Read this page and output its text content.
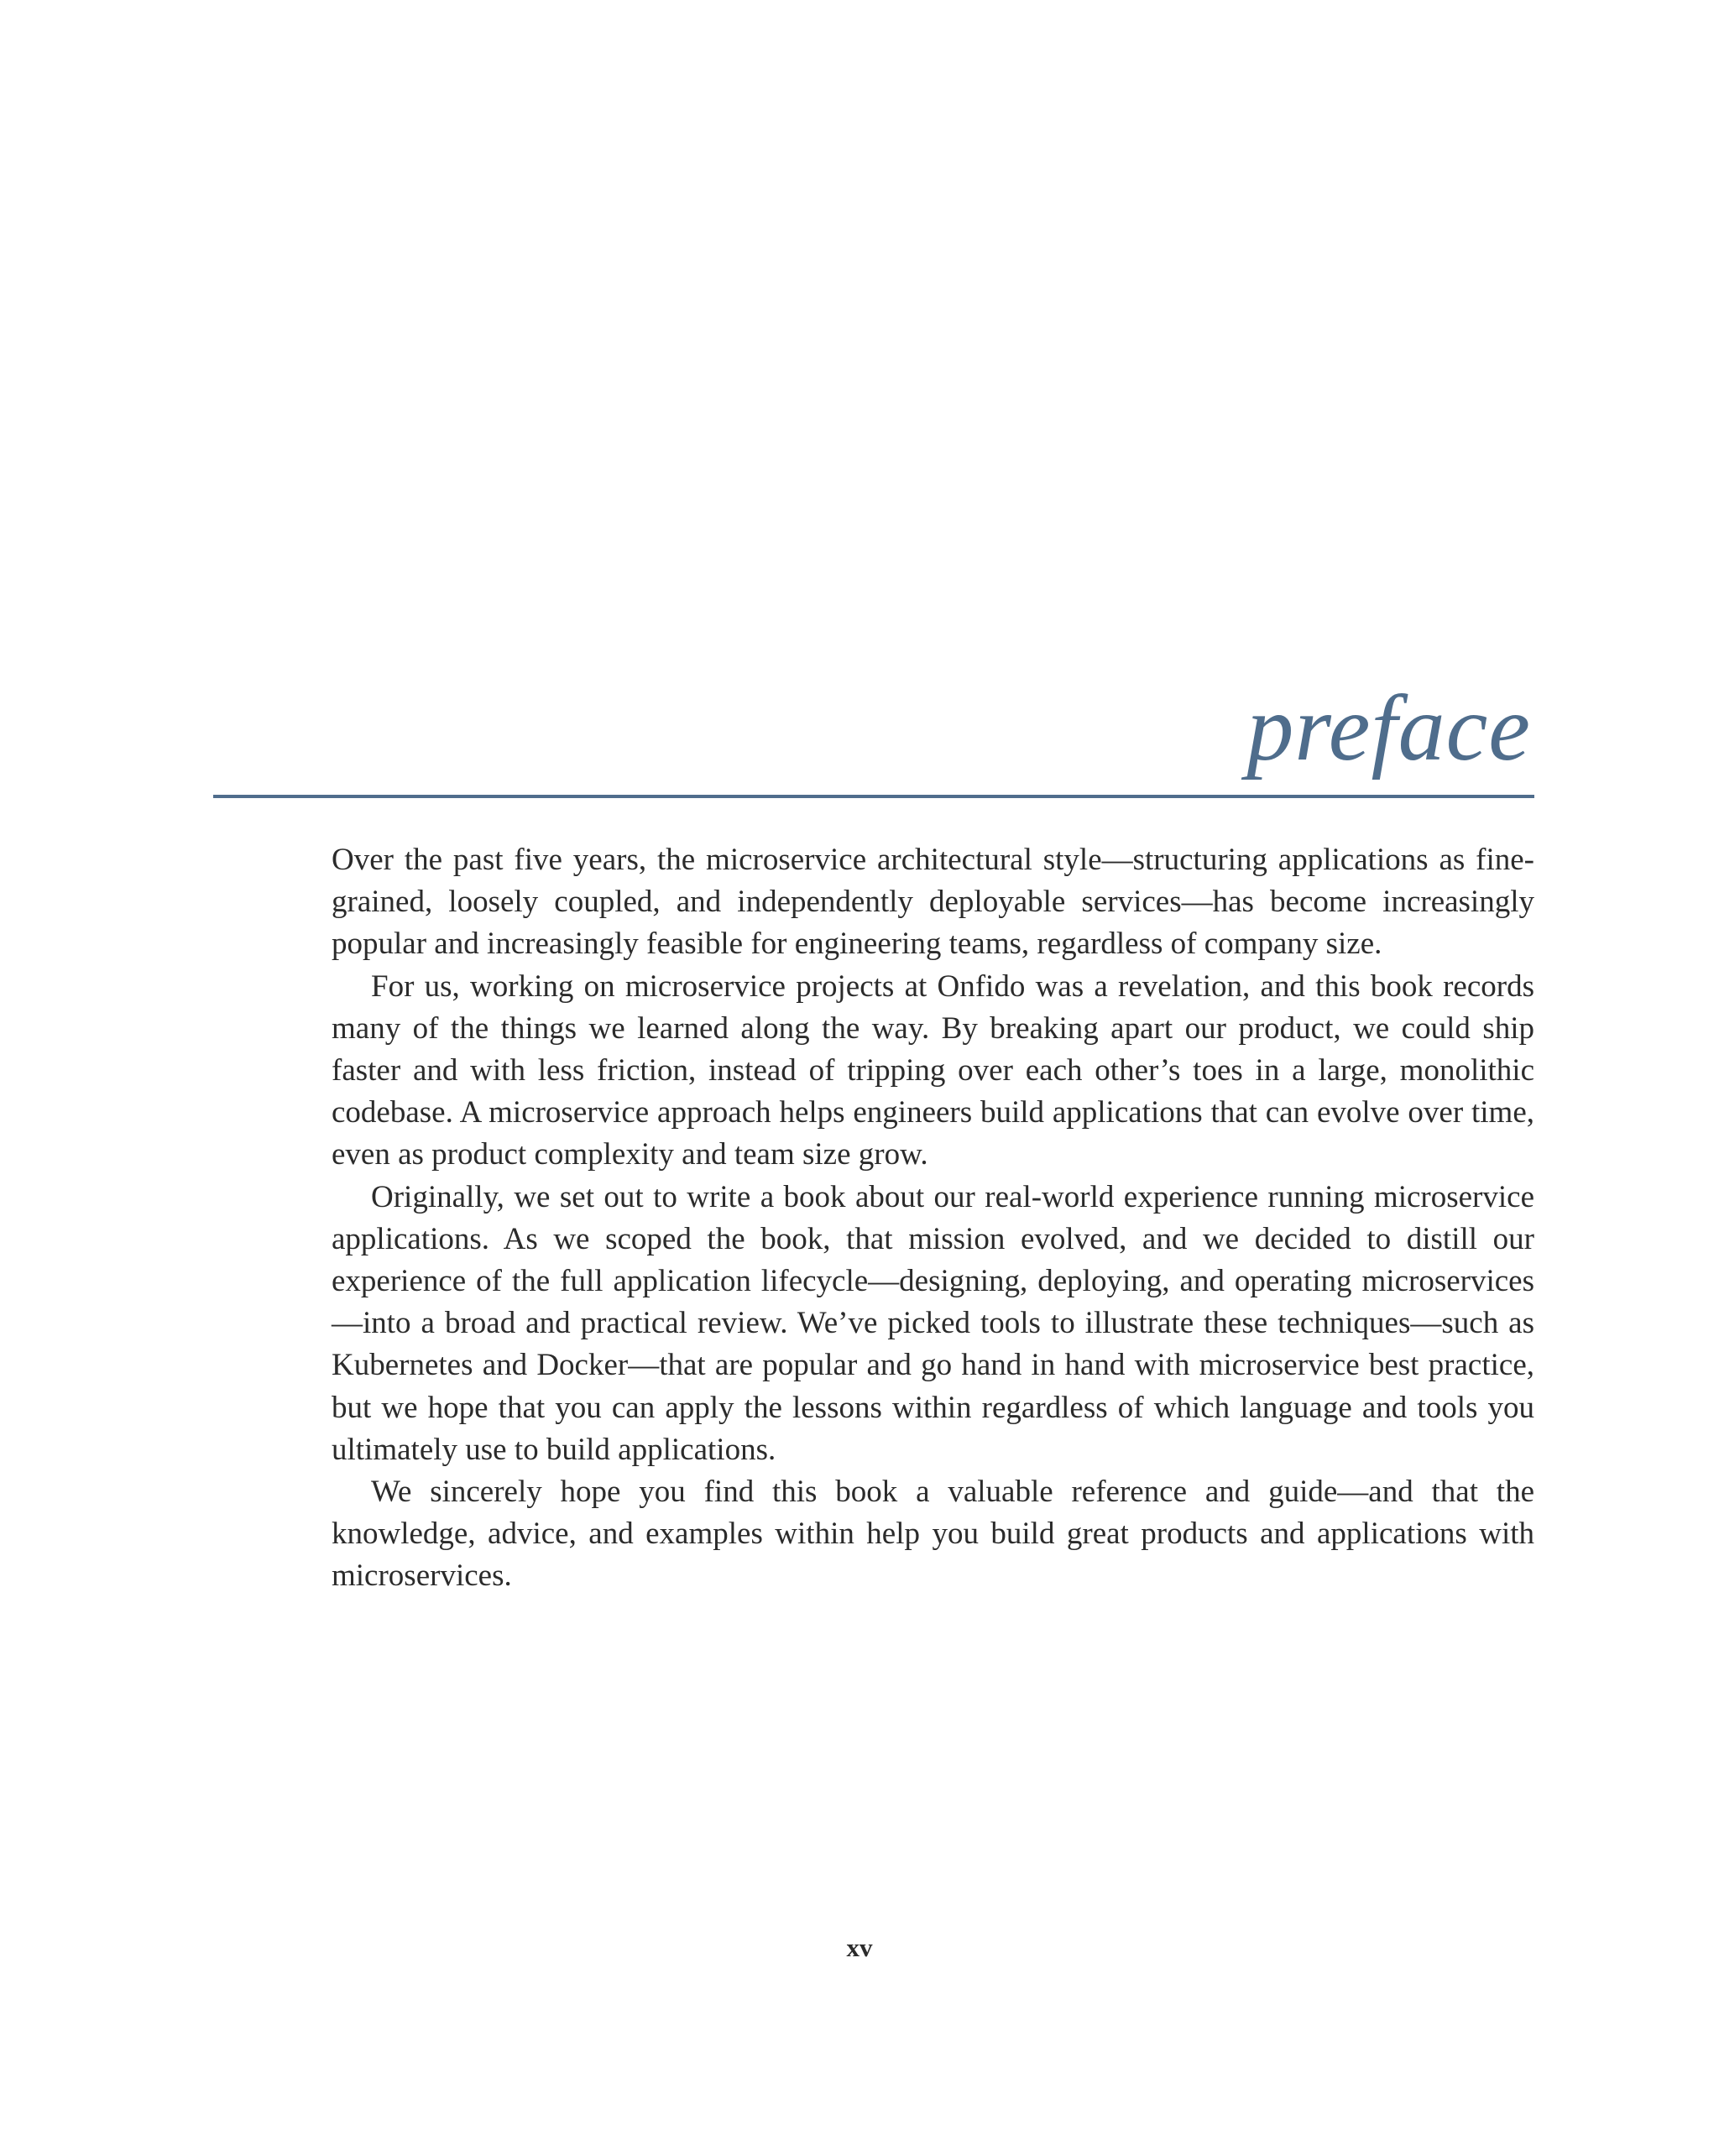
preface

Over the past five years, the microservice architectural style—structuring applications as fine-grained, loosely coupled, and independently deployable services—has become increasingly popular and increasingly feasible for engineering teams, regardless of company size.

For us, working on microservice projects at Onfido was a revelation, and this book records many of the things we learned along the way. By breaking apart our product, we could ship faster and with less friction, instead of tripping over each other’s toes in a large, monolithic codebase. A microservice approach helps engineers build applications that can evolve over time, even as product complexity and team size grow.

Originally, we set out to write a book about our real-world experience running microservice applications. As we scoped the book, that mission evolved, and we decided to distill our experience of the full application lifecycle—designing, deploying, and operating microservices—into a broad and practical review. We’ve picked tools to illustrate these techniques—such as Kubernetes and Docker—that are popular and go hand in hand with microservice best practice, but we hope that you can apply the lessons within regardless of which language and tools you ultimately use to build applications.

We sincerely hope you find this book a valuable reference and guide—and that the knowledge, advice, and examples within help you build great products and applications with microservices.

xv
